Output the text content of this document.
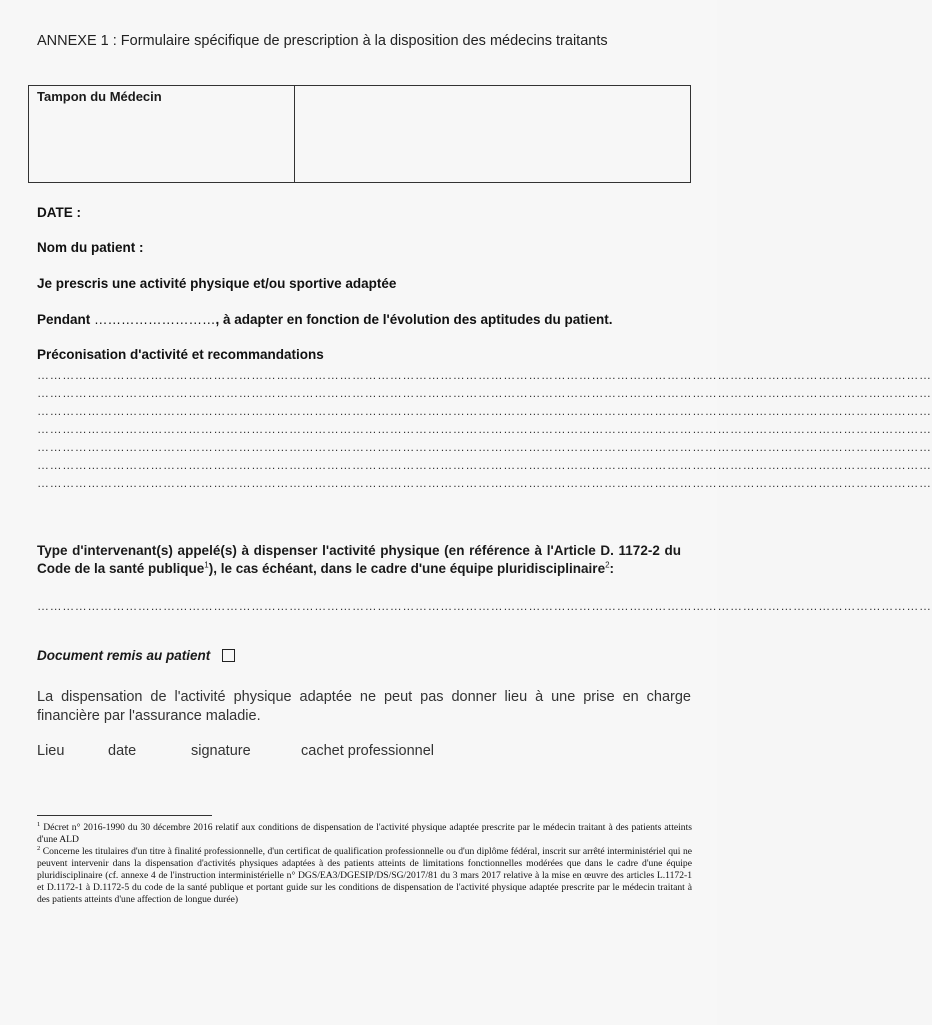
ANNEXE 1 : Formulaire spécifique de prescription à la disposition des médecins traitants
Tampon du Médecin
DATE :
Nom du patient :
Je prescris une activité physique et/ou sportive adaptée
Pendant ………………………, à adapter en fonction de l'évolution des aptitudes du patient.
Préconisation d'activité et recommandations
……………………………………………………………………………………………………………………………………………………………………………………………
……………………………………………………………………………………………………………………………………………………………………………………………
……………………………………………………………………………………………………………………………………………………………………………………………
……………………………………………………………………………………………………………………………………………………………………………………………
……………………………………………………………………………………………………………………………………………………………………………………………
……………………………………………………………………………………………………………………………………………………………………………………………
……………………………………………………………………………………………………………………………………………………………………………………………
Type d'intervenant(s) appelé(s) à dispenser l'activité physique (en référence à l'Article D. 1172-2 du Code de la santé publique$^1$), le cas échéant, dans le cadre d'une équipe pluridisciplinaire$^2$:
……………………………………………………………………………………………………………………………………………………………………………………………
Document remis au patient
La dispensation de l'activité physique adaptée ne peut pas donner lieu à une prise en charge financière par l'assurance maladie.
Lieu	date	signature	cachet professionnel

$^1$ Décret n° 2016-1990 du 30 décembre 2016 relatif aux conditions de dispensation de l'activité physique adaptée prescrite par le médecin traitant à des patients atteints d'une ALD

$^2$ Concerne les titulaires d'un titre à finalité professionnelle, d'un certificat de qualification professionnelle ou d'un diplôme fédéral, inscrit sur arrêté interministériel qui ne peuvent intervenir dans la dispensation d'activités physiques adaptées à des patients atteints de limitations fonctionnelles modérées que dans le cadre d'une équipe pluridisciplinaire (cf. annexe 4 de l'instruction interministérielle n° DGS/EA3/DGESIP/DS/SG/2017/81 du 3 mars 2017 relative à la mise en œuvre des articles L.1172-1 et D.1172-1 à D.1172-5 du code de la santé publique et portant guide sur les conditions de dispensation de l'activité physique adaptée prescrite par le médecin traitant à des patients atteints d'une affection de longue durée)
